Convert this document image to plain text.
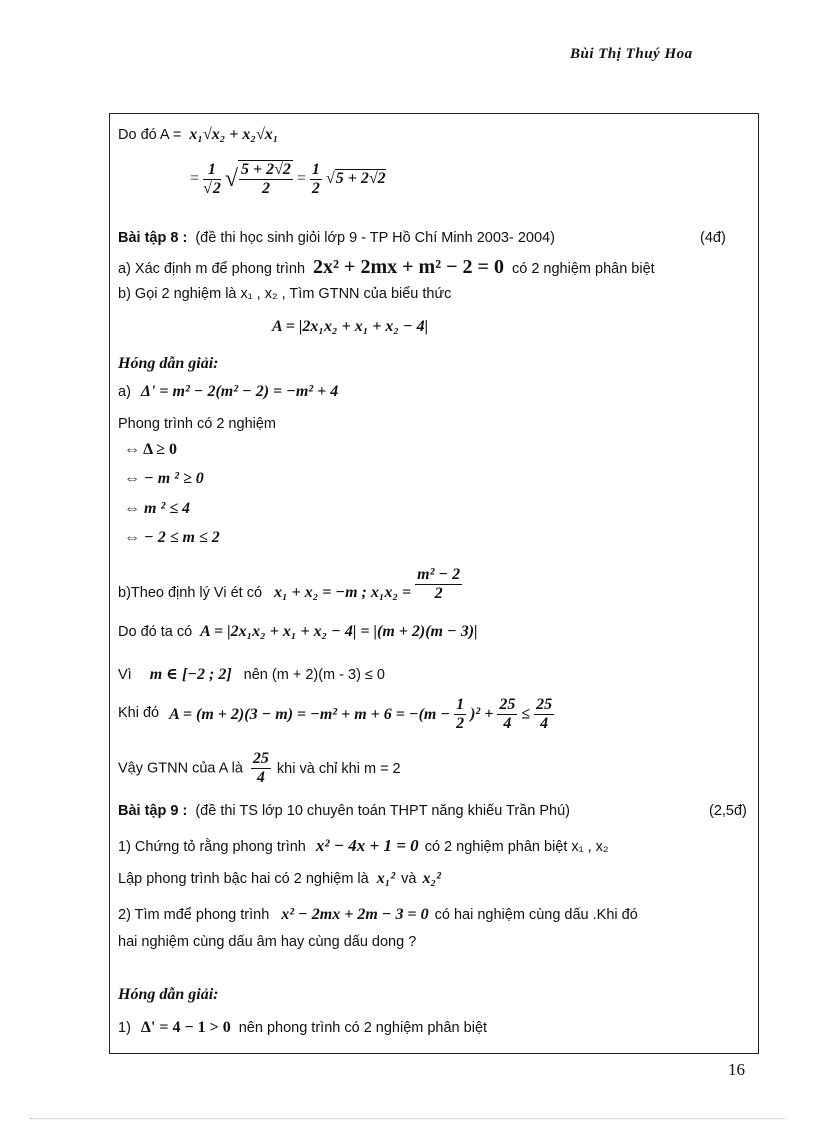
Bùi Thị Thuý Hoa
Do đó A = x₁√x₂ + x₂√x₁
= $\frac{1}{√2}$ √ $\frac{5 + 2√2}{2} = \frac{1}{2} √5 + 2√2$
Bài tập 8 : (đề thi học sinh giỏi lớp 9 - TP Hồ Chí Minh 2003- 2004)	(4đ)
a) Xác định m để phong trình 2x² + 2mx + m² − 2 = 0 có 2 nghiệm phân biệt
b) Gọi 2 nghiệm là x₁ , x₂ , Tìm GTNN của biểu thức
A = |2x₁x₂ + x₁ + x₂ − 4|
Hóng dẫn giải:
a) Δ' = m² − 2(m² − 2) = −m² + 4
Phong trình có 2 nghiệm
⇔ Δ ≥ 0
⇔ − m ² ≥ 0
⇔ m ² ≤ 4
⇔ − 2 ≤ m ≤ 2
b)Theo định lý Vi ét có x₁ + x₂ = −m ; $x_1x_2 = \frac{\text{m² − 2}}{2}$
Do đó ta có A = |2x₁x₂ + x₁ + x₂ − 4| = |(m + 2)(m − 3)|
Vì m ∈ [−2 ; 2] nên (m + 2)(m - 3) ≤ 0
Khi đó $A = (m + 2)(3 - m) = -m^2 + m + 6 = -(m - \frac{1}{2} )^2 + \frac{25}{4} \le \frac{25}{4}$
Vậy GTNN của A là $\frac{25}{4}$ khi và chỉ khi m = 2
Bài tập 9 : (đề thi TS lớp 10 chuyên toán THPT năng khiếu Trần Phú)	(2,5đ)
1) Chứng tỏ rằng phong trình x² − 4x + 1 = 0 có 2 nghiệm phân biệt x₁ , x₂
Lập phong trình bậc hai có 2 nghiệm là x₁² và x₂²
2) Tìm mđể phong trình x² − 2mx + 2m − 3 = 0 có hai nghiệm cùng dấu .Khi đó
hai nghiệm cùng dấu âm hay cùng dấu dong ?
Hóng dẫn giải:
1) Δ' = 4 − 1 > 0 nên phong trình có 2 nghiệm phân biệt
16
